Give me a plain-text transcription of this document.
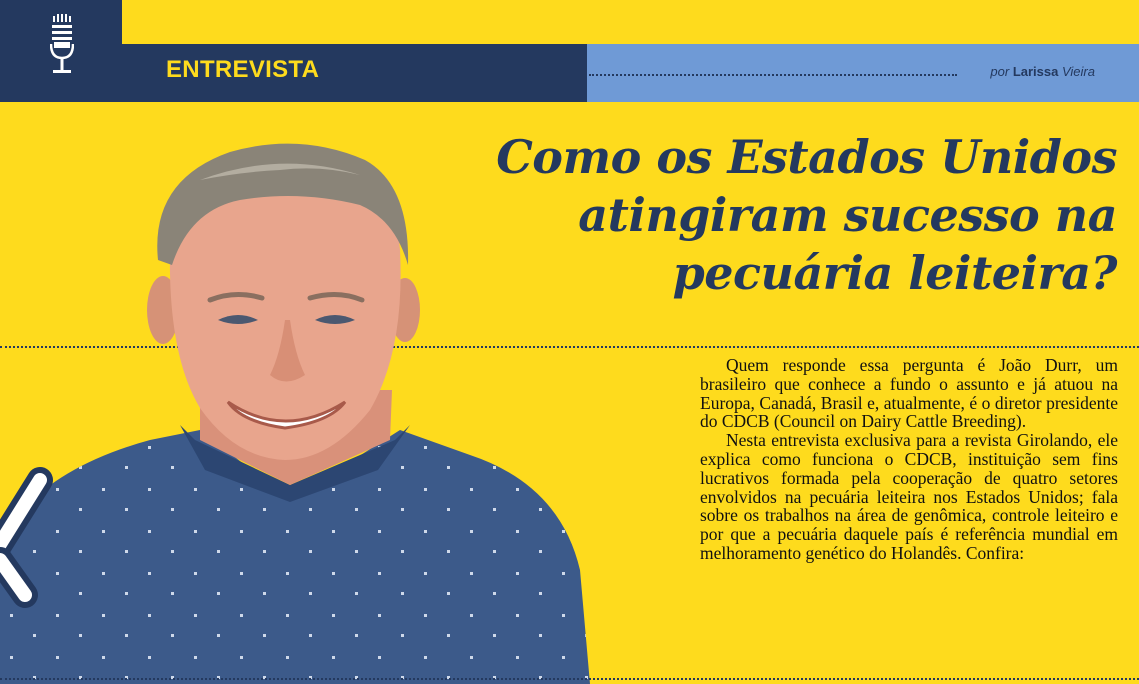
ENTREVISTA	por Larissa Vieira
Como os Estados Unidos
atingiram sucesso na
pecuária leiteira?

Quem responde essa pergunta é João Durr, um brasileiro que conhece a fundo o assunto e já atuou na Europa, Canadá, Brasil e, atualmente, é o diretor presidente do CDCB (Council on Dairy Cattle Breeding).

Nesta entrevista exclusiva para a revista Girolando, ele explica como funciona o CDCB, instituição sem fins lucrativos formada pela cooperação de quatro setores envolvidos na pecuária leiteira nos Estados Unidos; fala sobre os trabalhos na área de genômica, controle leiteiro e por que a pecuária daquele país é referência mundial em melhoramento genético do Holandês. Confira:
